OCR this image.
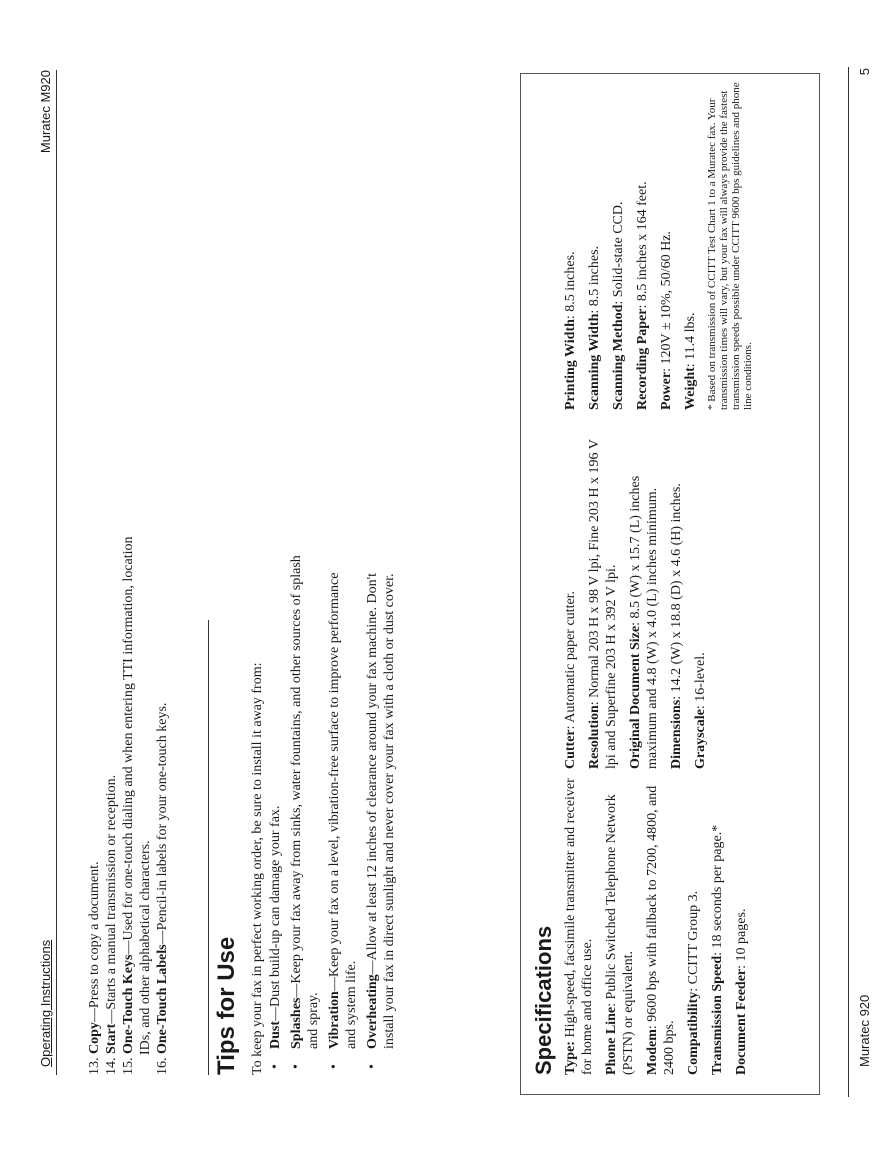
Operating Instructions
Muratec M920
13. Copy—Press to copy a document.
14. Start—Starts a manual transmission or reception.
15. One-Touch Keys—Used for one-touch dialing and when entering TTI information, location IDs, and other alphabetical characters.
16. One-Touch Labels—Pencil-in labels for your one-touch keys.
Tips for Use To keep your fax in perfect working order, be sure to install it away from: • Dust—Dust build-up can damage your fax.
• Splashes—Keep your fax away from sinks, water fountains, and other sources of splash and spray. • Vibration—Keep your fax on a level, vibration-free surface to improve performance and system life. • Overheating—Allow at least 12 inches of clearance around your fax machine. Don't install your fax in direct sunlight and never cover your fax with a cloth or dust cover.	Specifications Type: High-speed, facsimile transmitter and receiver for home and office use. Phone Line: Public Switched Telephone Network (PSTN) or equivalent. Modem: 9600 bps with fallback to 7200, 4800, and 2400 bps. Compatibility: CCITT Group 3.

Transmission Speed: 18 seconds per page.*

Document Feeder: 10 pages.

Cutter: Automatic paper cutter.

Resolution: Normal 203 H x 98 V lpi, Fine 203 H x 196 V lpi and Superfine 203 H x 392 V lpi. Original Document Size: 8.5 (W) x 15.7 (L) inches maximum and 4.8 (W) x 4.0 (L) inches minimum. Dimensions: 14.2 (W) x 18.8 (D) x 4.6 (H) inches.

Grayscale: 16-level.

Printing Width: 8.5 inches.

Scanning Width: 8.5 inches.

Scanning Method: Solid-state CCD.

Recording Paper: 8.5 inches x 164 feet.

Power: 120V ± 10%, 50/60 Hz.

Weight: 11.4 lbs. * Based on transmission of CCITT Test Chart 1 to a Muratec fax. Your transmission times will vary, but your fax will always provide the fastest transmission speeds possible under CCITT 9600 bps guidelines and phone line conditions.
Muratec 920
5
